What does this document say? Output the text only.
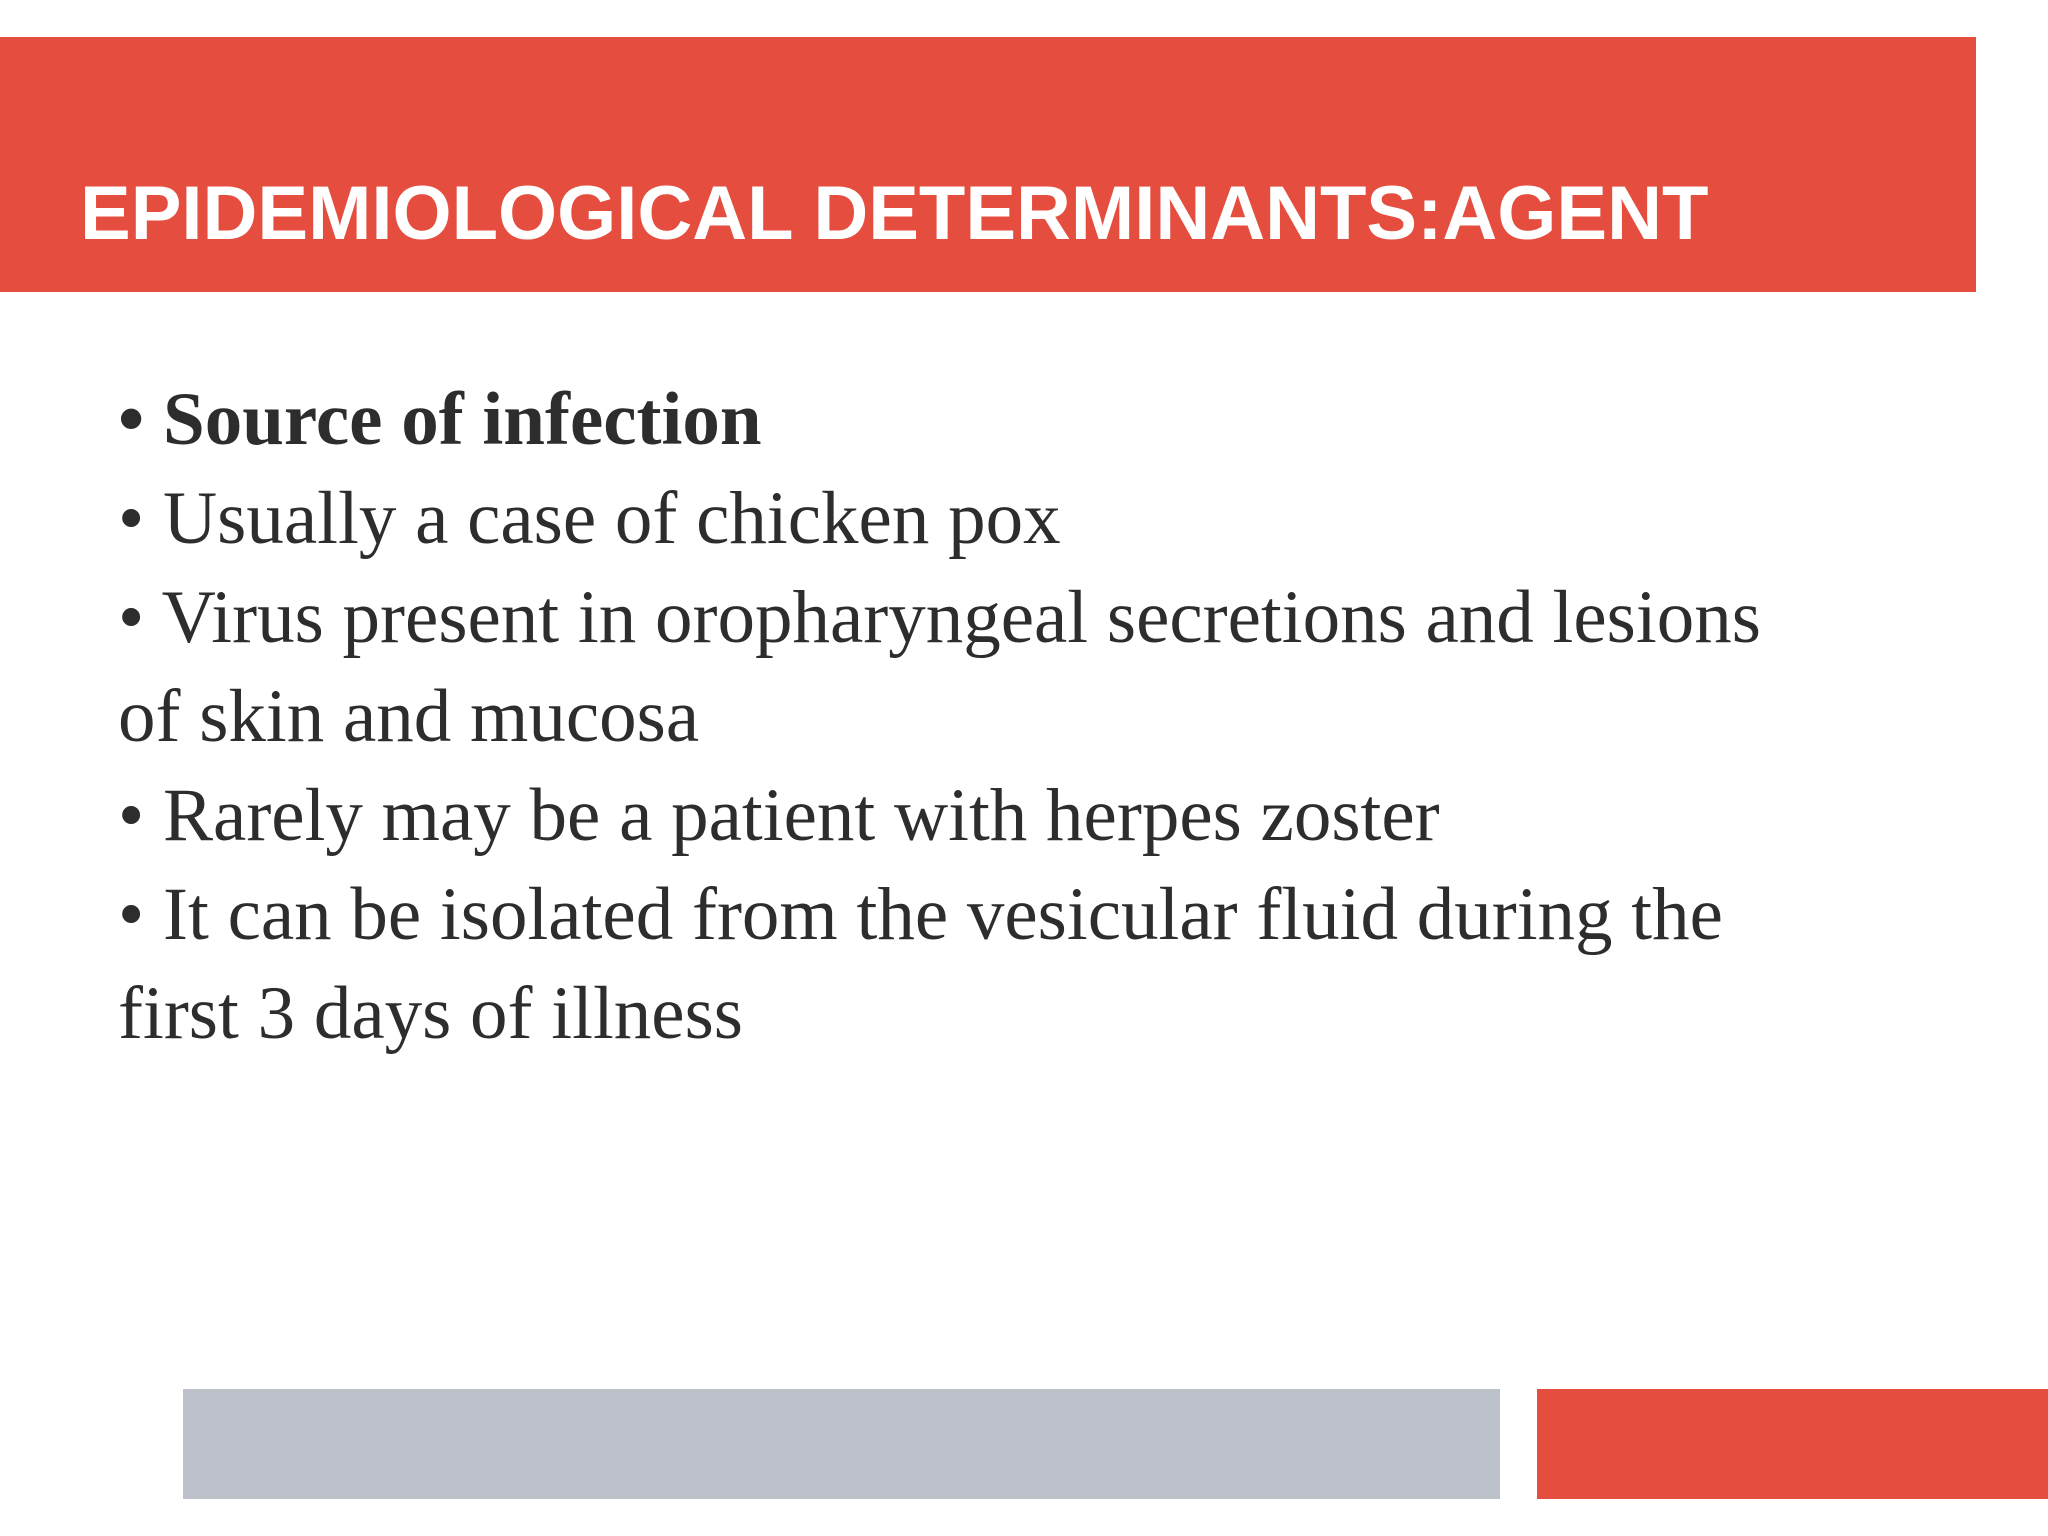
EPIDEMIOLOGICAL DETERMINANTS:AGENT
• Source of infection
• Usually a case of chicken pox
• Virus present in oropharyngeal secretions and lesions
of skin and mucosa
• Rarely may be a patient with herpes zoster
• It can be isolated from the vesicular fluid during the
first 3 days of illness
